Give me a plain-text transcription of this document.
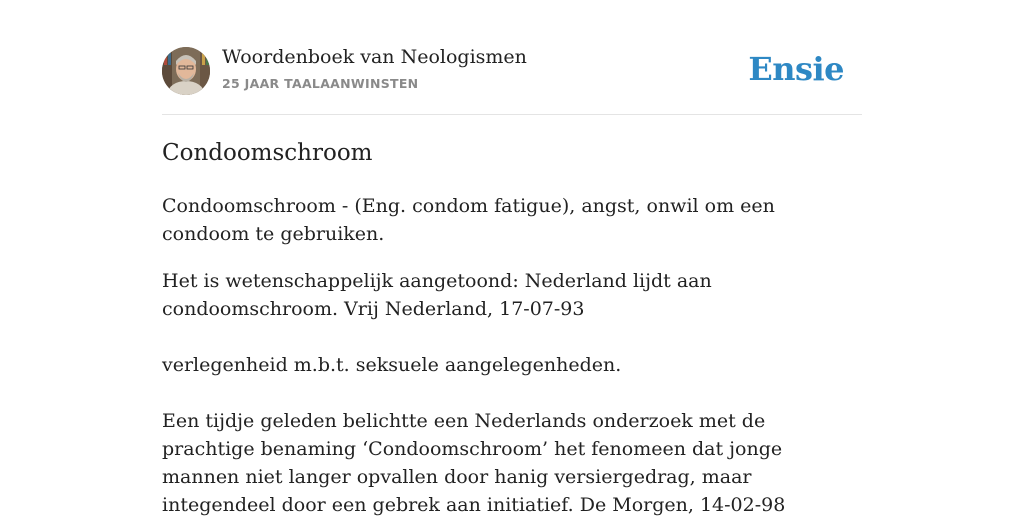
Woordenboek van Neologismen
25 JAAR TAALAANWINSTEN	Ensie
Condoomschroom

Condoomschroom - (Eng. condom fatigue), angst, onwil om een condoom te gebruiken.

Het is wetenschappelijk aangetoond: Nederland lijdt aan condoomschroom. Vrij Nederland, 17-07-93

verlegenheid m.b.t. seksuele aangelegenheden.

Een tijdje geleden belichtte een Nederlands onderzoek met de prachtige benaming ‘Condoomschroom’ het fenomeen dat jonge mannen niet langer opvallen door hanig versiergedrag, maar integendeel door een gebrek aan initiatief. De Morgen, 14-02-98
